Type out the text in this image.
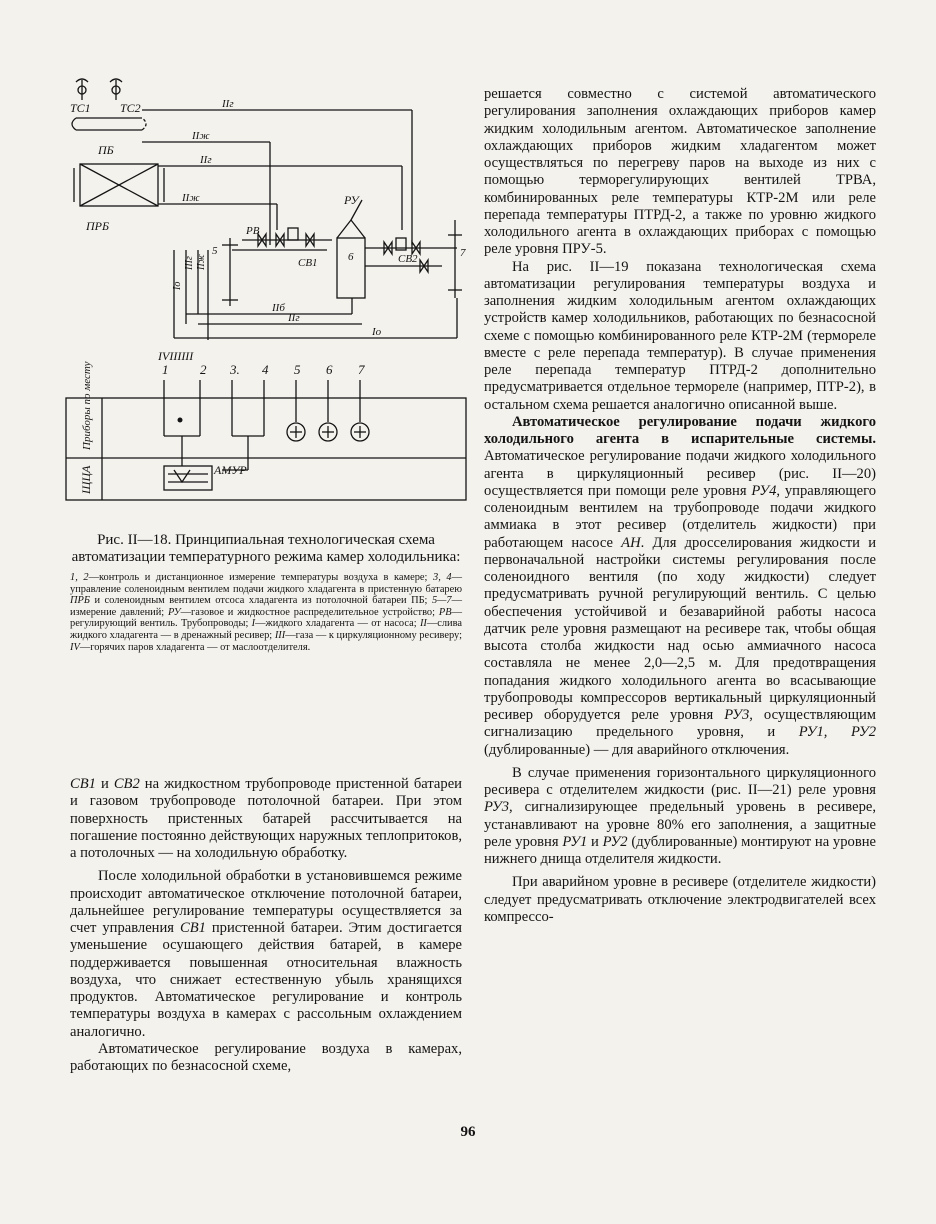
ТС1 ТС2
ПБ
ПРБ
IIг
IIж
IIг
IIж
РВ
СВ1
РУ
6	СВ2	7
5
Iо
IIIг IIж
IIб
IIг
Iо
IVIIIIII
1 2 3. 4 5 6 7
Приборы по месту
ЩЦА	АМУР

Рис. II—18. Принципиальная технологическая схема автоматизации температурного режима камер холодильника:

1, 2—контроль и дистанционное измерение температуры воздуха в камере; 3, 4—управление соленоидным вентилем подачи жидкого хладагента в пристенную батарею ПРБ и соленоидным вентилем отсоса хладагента из потолочной батареи ПБ; 5—7—измерение давлений; РУ—газовое и жидкостное распределительное устройство; РВ—регулирующий вентиль. Трубопроводы; I—жидкого хладагента — от насоса; II—слива жидкого хладагента — в дренажный ресивер; III—газа — к циркуляционному ресиверу; IV—горячих паров хладагента — от маслоотделителя.

СВ1 и СВ2 на жидкостном трубопроводе пристенной батареи и газовом трубопроводе потолочной батареи. При этом поверхность пристенных батарей рассчитывается на погашение постоянно действующих наружных теплопритоков, а потолочных — на холодильную обработку.

После холодильной обработки в установившемся режиме происходит автоматическое отключение потолочной батареи, дальнейшее регулирование температуры осуществляется за счет управления СВ1 пристенной батареи. Этим достигается уменьшение осушающего действия батарей, в камере поддерживается повышенная относительная влажность воздуха, что снижает естественную убыль хранящихся продуктов. Автоматическое регулирование и контроль температуры воздуха в камерах с рассольным охлаждением аналогично.

Автоматическое регулирование воздуха в камерах, работающих по безнасосной схеме,

решается совместно с системой автоматического регулирования заполнения охлаждающих приборов камер жидким холодильным агентом. Автоматическое заполнение охлаждающих приборов жидким хладагентом может осуществляться по перегреву паров на выходе из них с помощью терморегулирующих вентилей ТРВА, комбинированных реле температуры КТР-2М или реле перепада температуры ПТРД-2, а также по уровню жидкого холодильного агента в охлаждающих приборах с помощью реле уровня ПРУ-5.

На рис. II—19 показана технологическая схема автоматизации регулирования температуры воздуха и заполнения жидким холодильным агентом охлаждающих устройств камер холодильников, работающих по безнасосной схеме с помощью комбинированного реле КТР-2М (термореле вместе с реле перепада температур). В случае применения реле перепада температур ПТРД-2 дополнительно предусматривается отдельное термореле (например, ПТР-2), в остальном схема решается аналогично описанной выше.

Автоматическое регулирование подачи жидкого холодильного агента в испарительные системы. Автоматическое регулирование подачи жидкого холодильного агента в циркуляционный ресивер (рис. II—20) осуществляется при помощи реле уровня РУ4, управляющего соленоидным вентилем на трубопроводе подачи жидкого аммиака в этот ресивер (отделитель жидкости) при работающем насосе АН. Для дросселирования жидкости и первоначальной настройки системы регулирования после соленоидного вентиля (по ходу жидкости) следует предусматривать ручной регулирующий вентиль. С целью обеспечения устойчивой и безаварийной работы насоса датчик реле уровня размещают на ресивере так, чтобы общая высота столба жидкости над осью аммиачного насоса составляла не менее 2,0—2,5 м. Для предотвращения попадания жидкого холодильного агента во всасывающие трубопроводы компрессоров вертикальный циркуляционный ресивер оборудуется реле уровня РУ3, осуществляющим сигнализацию предельного уровня, и РУ1, РУ2 (дублированные) — для аварийного отключения.

В случае применения горизонтального циркуляционного ресивера с отделителем жидкости (рис. II—21) реле уровня РУ3, сигнализирующее предельный уровень в ресивере, устанавливают на уровне 80% его заполнения, а защитные реле уровня РУ1 и РУ2 (дублированные) монтируют на уровне нижнего днища отделителя жидкости.

При аварийном уровне в ресивере (отделителе жидкости) следует предусматривать отключение электродвигателей всех компрессо-

96
